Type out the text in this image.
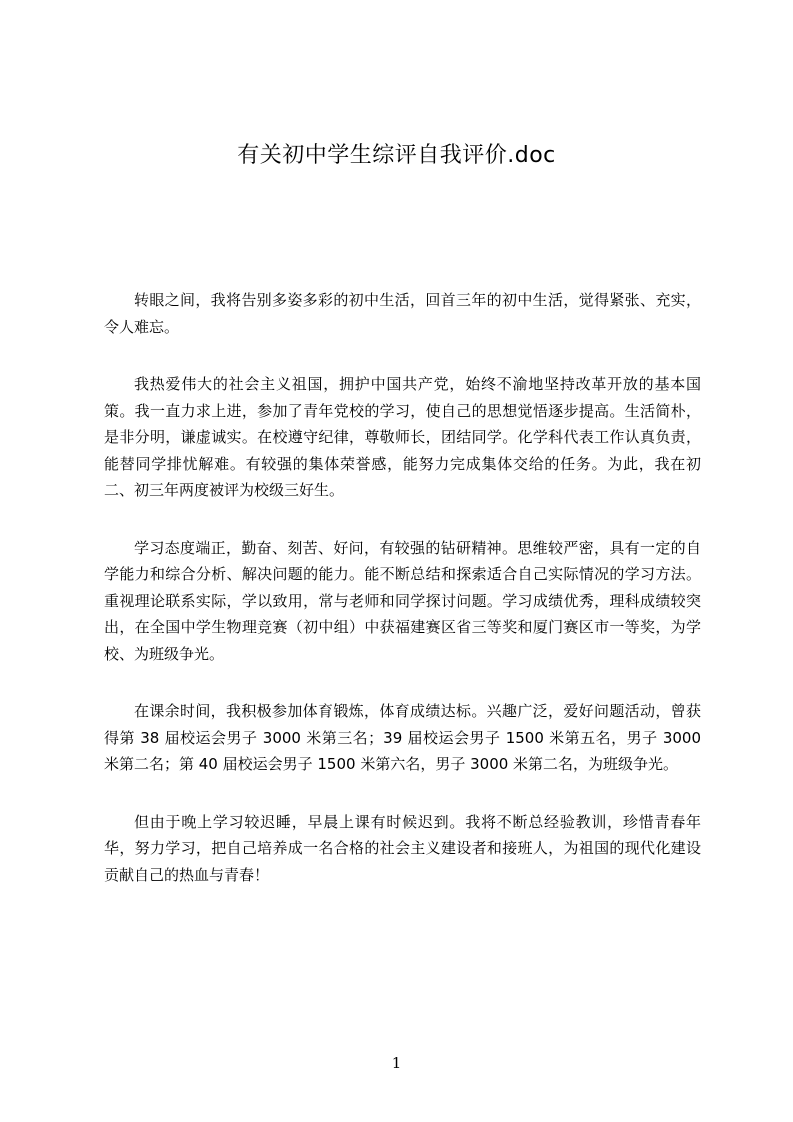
有关初中学生综评自我评价.doc

转眼之间，我将告别多姿多彩的初中生活，回首三年的初中生活，觉得紧张、充实，令人难忘。

我热爱伟大的社会主义祖国，拥护中国共产党，始终不渝地坚持改革开放的基本国策。我一直力求上进，参加了青年党校的学习，使自己的思想觉悟逐步提高。生活简朴，是非分明，谦虚诚实。在校遵守纪律，尊敬师长，团结同学。化学科代表工作认真负责，能替同学排忧解难。有较强的集体荣誉感，能努力完成集体交给的任务。为此，我在初二、初三年两度被评为校级三好生。

学习态度端正，勤奋、刻苦、好问，有较强的钻研精神。思维较严密，具有一定的自学能力和综合分析、解决问题的能力。能不断总结和探索适合自己实际情况的学习方法。重视理论联系实际，学以致用，常与老师和同学探讨问题。学习成绩优秀，理科成绩较突出，在全国中学生物理竞赛（初中组）中获福建赛区省三等奖和厦门赛区市一等奖，为学校、为班级争光。

在课余时间，我积极参加体育锻炼，体育成绩达标。兴趣广泛，爱好问题活动，曾获得第 38 届校运会男子 3000 米第三名；39 届校运会男子 1500 米第五名，男子 3000 米第二名；第 40 届校运会男子 1500 米第六名，男子 3000 米第二名，为班级争光。

但由于晚上学习较迟睡，早晨上课有时候迟到。我将不断总经验教训，珍惜青春年华，努力学习，把自己培养成一名合格的社会主义建设者和接班人，为祖国的现代化建设贡献自己的热血与青春！

1
